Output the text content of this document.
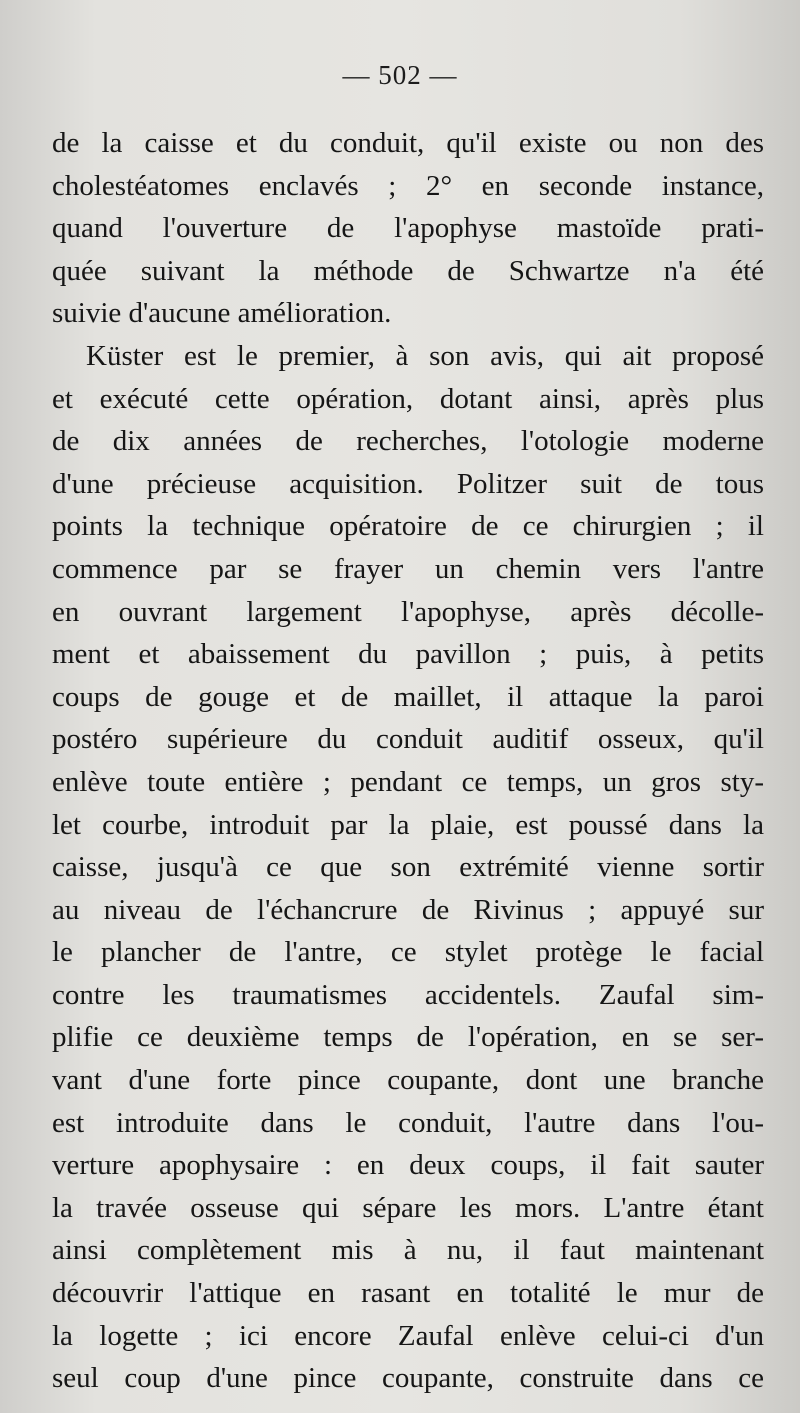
— 502 —
de la caisse et du conduit, qu'il existe ou non des
cholestéatomes enclavés ; 2° en seconde instance,
quand l'ouverture de l'apophyse mastoïde prati-
quée suivant la méthode de Schwartze n'a été
suivie d'aucune amélioration.
Küster est le premier, à son avis, qui ait proposé
et exécuté cette opération, dotant ainsi, après plus
de dix années de recherches, l'otologie moderne
d'une précieuse acquisition. Politzer suit de tous
points la technique opératoire de ce chirurgien ; il
commence par se frayer un chemin vers l'antre
en ouvrant largement l'apophyse, après décolle-
ment et abaissement du pavillon ; puis, à petits
coups de gouge et de maillet, il attaque la paroi
postéro supérieure du conduit auditif osseux, qu'il
enlève toute entière ; pendant ce temps, un gros sty-
let courbe, introduit par la plaie, est poussé dans la
caisse, jusqu'à ce que son extrémité vienne sortir
au niveau de l'échancrure de Rivinus ; appuyé sur
le plancher de l'antre, ce stylet protège le facial
contre les traumatismes accidentels. Zaufal sim-
plifie ce deuxième temps de l'opération, en se ser-
vant d'une forte pince coupante, dont une branche
est introduite dans le conduit, l'autre dans l'ou-
verture apophysaire : en deux coups, il fait sauter
la travée osseuse qui sépare les mors. L'antre étant
ainsi complètement mis à nu, il faut maintenant
découvrir l'attique en rasant en totalité le mur de
la logette ; ici encore Zaufal enlève celui-ci d'un
seul coup d'une pince coupante, construite dans ce
